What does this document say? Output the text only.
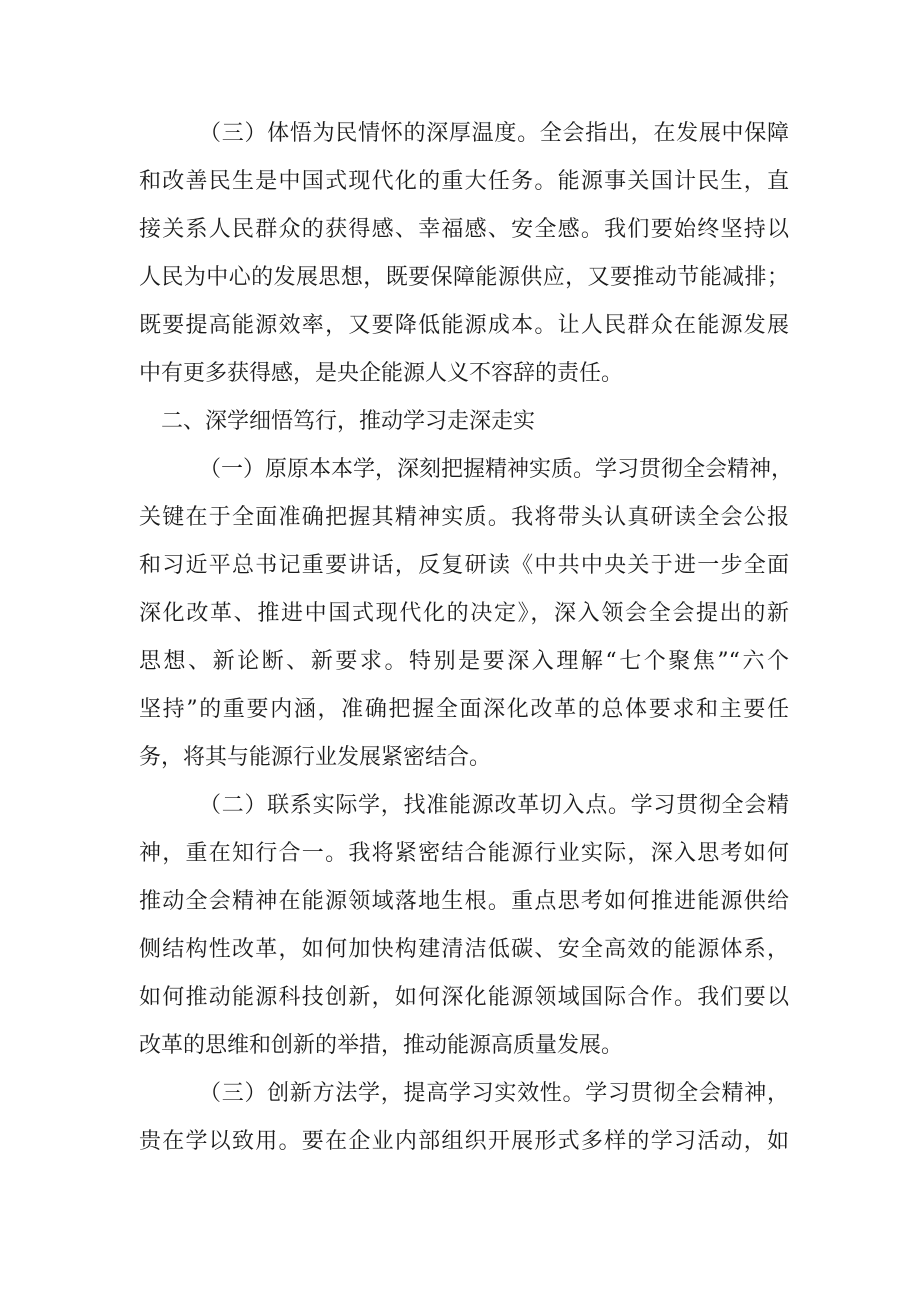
（三）体悟为民情怀的深厚温度。全会指出，在发展中保障
和改善民生是中国式现代化的重大任务。能源事关国计民生，直
接关系人民群众的获得感、幸福感、安全感。我们要始终坚持以
人民为中心的发展思想，既要保障能源供应，又要推动节能减排；
既要提高能源效率，又要降低能源成本。让人民群众在能源发展
中有更多获得感，是央企能源人义不容辞的责任。
二、深学细悟笃行，推动学习走深走实
（一）原原本本学，深刻把握精神实质。学习贯彻全会精神，
关键在于全面准确把握其精神实质。我将带头认真研读全会公报
和习近平总书记重要讲话，反复研读《中共中央关于进一步全面
深化改革、推进中国式现代化的决定》，深入领会全会提出的新
思想、新论断、新要求。特别是要深入理解“七个聚焦”“六个
坚持”的重要内涵，准确把握全面深化改革的总体要求和主要任
务，将其与能源行业发展紧密结合。
（二）联系实际学，找准能源改革切入点。学习贯彻全会精
神，重在知行合一。我将紧密结合能源行业实际，深入思考如何
推动全会精神在能源领域落地生根。重点思考如何推进能源供给
侧结构性改革，如何加快构建清洁低碳、安全高效的能源体系，
如何推动能源科技创新，如何深化能源领域国际合作。我们要以
改革的思维和创新的举措，推动能源高质量发展。
（三）创新方法学，提高学习实效性。学习贯彻全会精神，
贵在学以致用。要在企业内部组织开展形式多样的学习活动，如
